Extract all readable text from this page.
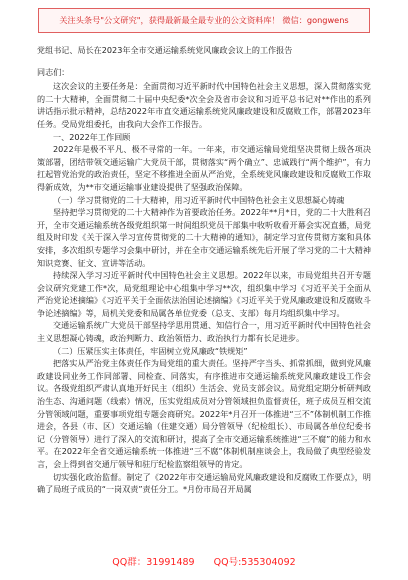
关注头条号"公文研究"，获得最新最全最专业的公文资料库！ 微信：gongwens
党组书记、局长在2023年全市交通运输系统党风廉政会议上的工作报告
同志们：
这次会议的主要任务是：全面贯彻习近平新时代中国特色社会主义思想，深入贯彻落实党的二十大精神，全面贯彻二十届中央纪委*次全会及省市会议和习近平总书记对**作出的系列讲话指示批示精神，总结2022年市直交通运输系统党风廉政建设和反腐败工作，部署2023年任务。受局党组委托，由我向大会作工作报告。
一、2022年工作回顾
2022年是极不平凡、极不寻常的一年。一年来，市交通运输局党组坚决贯彻上级各项决策部署，团结带领交通运输广大党员干部，贯彻落实“两个确立”、忠诚践行“两个维护”，有力扛起管党治党的政治责任，坚定不移推进全面从严治党，全系统党风廉政建设和反腐败工作取得新成效，为**市交通运输事业建设提供了坚强政治保障。
（一）学习贯彻党的二十大精神，用习近平新时代中国特色社会主义思想凝心铸魂
坚持把学习贯彻党的二十大精神作为首要政治任务。2022年**月*日，党的二十大胜利召开，全市交通运输系统各级党组织第一时间组织党员干部集中收听收看开幕会实况直播，局党组及时印发《关于深入学习宣传贯彻党的二十大精神的通知》，制定学习宣传贯彻方案和具体安排，多次组织专题学习会集中研讨，并在全市交通运输系统先后开展了学习党的二十大精神知识竞赛、征文、宣讲等活动。
持续深入学习习近平新时代中国特色社会主义思想。2022年以来，市局党组共召开专题会议研究党建工作*次，局党组理论中心组集中学习**次，组织集中学习《习近平关于全面从严治党论述摘编》《习近平关于全面依法治国论述摘编》《习近平关于党风廉政建设和反腐败斗争论述摘编》等，局机关党委和局属各单位党委（总支、支部）每月均组织集中学习。
交通运输系统广大党员干部坚持学思用贯通、知信行合一，用习近平新时代中国特色社会主义思想凝心铸魂，政治判断力、政治领悟力、政治执行力都有长足进步。
（二）压紧压实主体责任，牢固树立党风廉政“铁规矩”
把落实从严治党主体责任作为局党组的重大责任。坚持严字当头、抓常抓细，做到党风廉政建设同业务工作同部署、同检查、同落实，有序推进市交通运输系统党风廉政建设工作会议。各级党组织严肃认真地开好民主（组织）生活会、党员支部会议。局党组定期分析研判政治生态、沟通问题（线索）情况，压实党组成员对分管领域担负监督责任，班子成员互相交流分管领域问题，重要事项党组专题会商研究。2022年*月召开一体推进“三不”体制机制工作推进会，各县（市、区）交通运输（住建交通）局分管领导（纪检组长）、市局属各单位纪委书记（分管领导）进行了深入的交流和研讨，提高了全市交通运输系统推进“三不腐”的能力和水平。在2022年全省交通运输系统一体推进“三不腐”体制机制座谈会上，我局做了典型经验发言，会上得到省交通厅领导和驻厅纪检监察组领导的肯定。
切实强化政治监督。制定了《2022年市交通运输局党风廉政建设和反腐败工作要点》，明确了局班子成员的“一岗双责”责任分工。*月份市局召开局属
QQ群：31991489 QQ号:535304092
